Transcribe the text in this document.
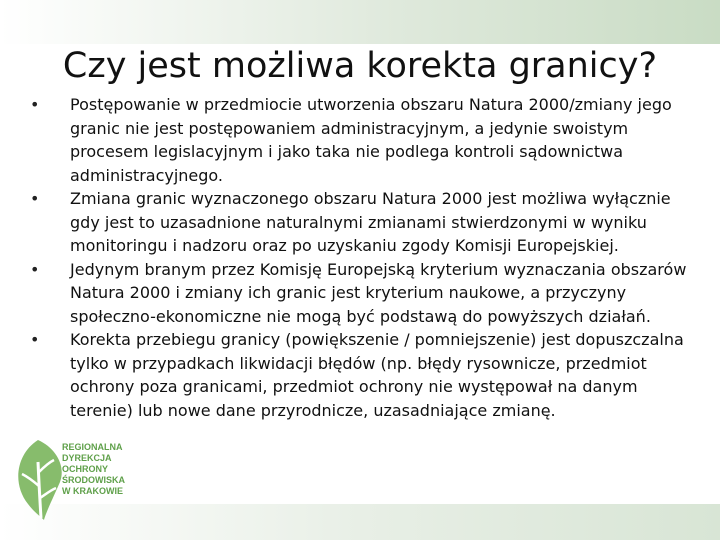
Czy jest możliwa korekta granicy?
•	Postępowanie w przedmiocie utworzenia obszaru Natura 2000/zmiany jego granic nie jest postępowaniem administracyjnym, a jedynie swoistym procesem legislacyjnym i jako taka nie podlega kontroli sądownictwa administracyjnego.
•	Zmiana granic wyznaczonego obszaru Natura 2000 jest możliwa wyłącznie gdy jest to uzasadnione naturalnymi zmianami stwierdzonymi w wyniku monitoringu i nadzoru oraz po uzyskaniu zgody Komisji Europejskiej.
•	Jedynym branym przez Komisję Europejską kryterium wyznaczania obszarów Natura 2000 i zmiany ich granic jest kryterium naukowe, a przyczyny społeczno-ekonomiczne nie mogą być podstawą do powyższych działań.
•	Korekta przebiegu granicy (powiększenie / pomniejszenie) jest dopuszczalna tylko w przypadkach likwidacji błędów (np. błędy rysownicze, przedmiot ochrony poza granicami, przedmiot ochrony nie występował na danym terenie) lub nowe dane przyrodnicze, uzasadniające zmianę.
REGIONALNA
DYREKCJA
OCHRONY
ŚRODOWISKA
W KRAKOWIE
